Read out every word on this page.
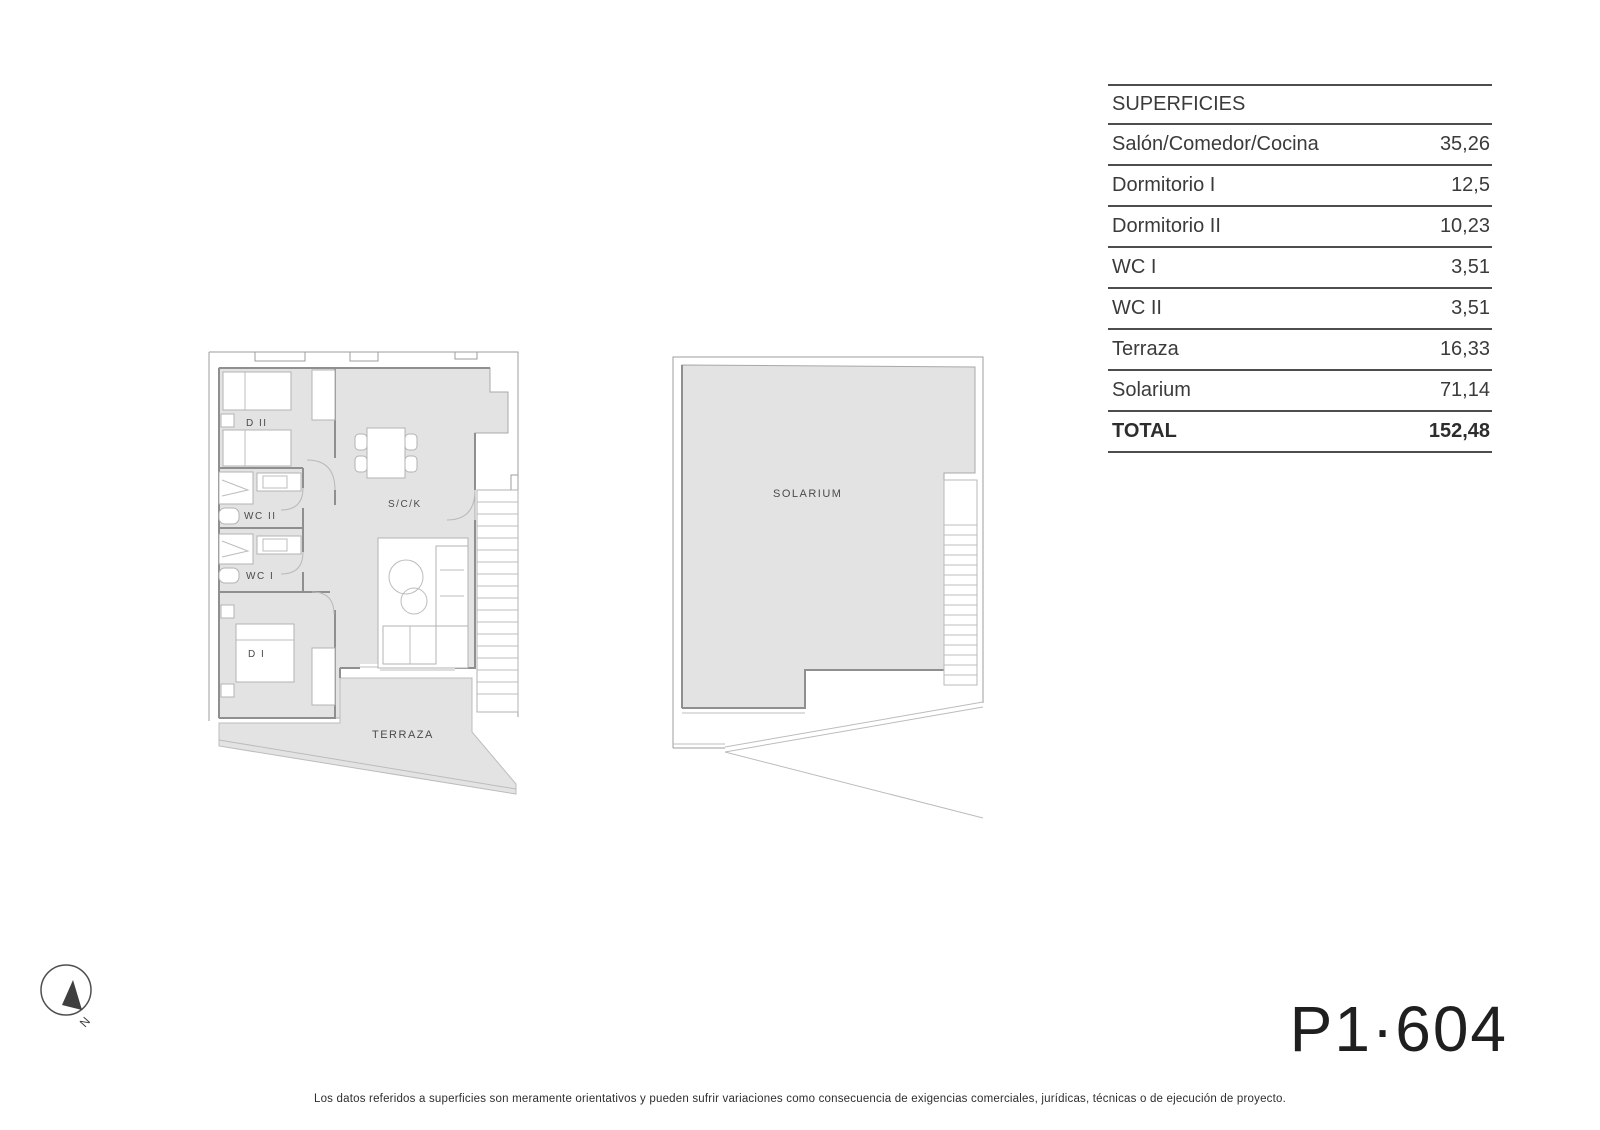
D II
WC II
WC I
D I
S/C/K
TERRAZA
SOLARIUM
SUPERFICIES
Salón/Comedor/Cocina	35,26
Dormitorio I	12,5
Dormitorio II	10,23
WC I	3,51
WC II	3,51
Terraza	16,33
Solarium	71,14
TOTAL	152,48
N	P1·604
Los datos referidos a superficies son meramente orientativos y pueden sufrir variaciones como consecuencia de exigencias comerciales, jurídicas, técnicas o de ejecución de proyecto.
